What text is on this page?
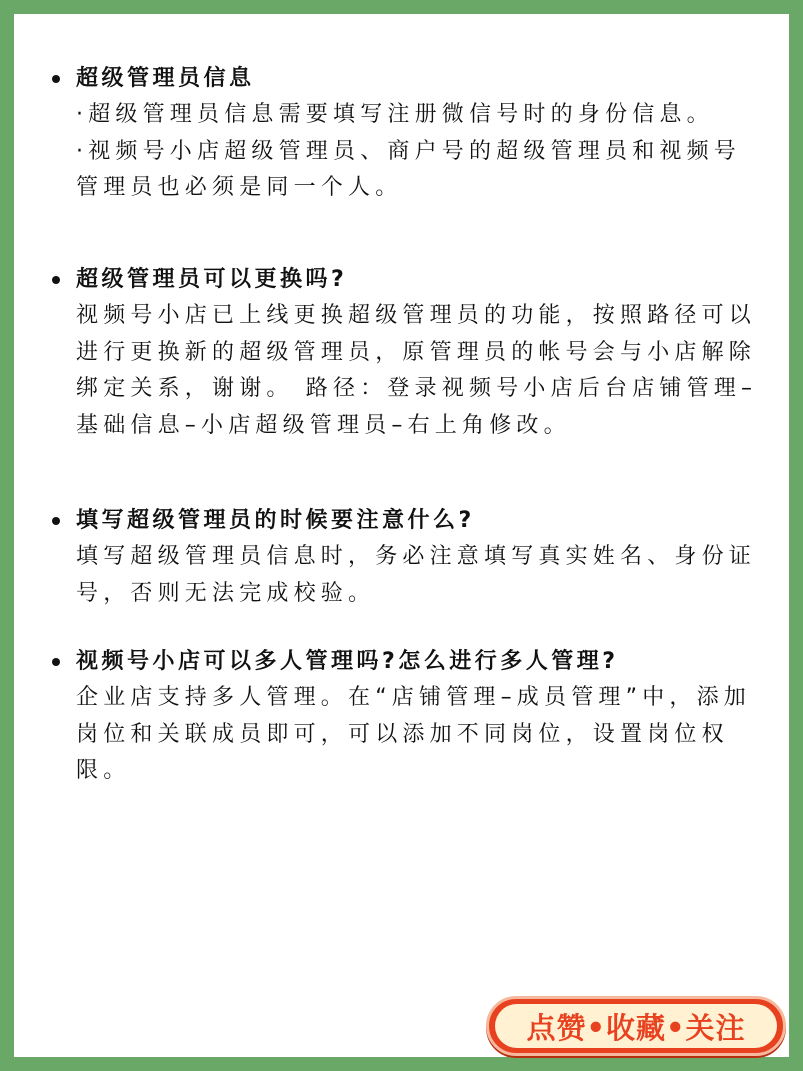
超级管理员信息

·超级管理员信息需要填写注册微信号时的身份信息。

·视频号小店超级管理员、商户号的超级管理员和视频号管理员也必须是同一个人。

超级管理员可以更换吗?

视频号小店已上线更换超级管理员的功能，按照路径可以进行更换新的超级管理员，原管理员的帐号会与小店解除绑定关系，谢谢。 路径：登录视频号小店后台店铺管理–基础信息–小店超级管理员–右上角修改。

填写超级管理员的时候要注意什么?

填写超级管理员信息时，务必注意填写真实姓名、身份证号，否则无法完成校验。

视频号小店可以多人管理吗?怎么进行多人管理?

企业店支持多人管理。在“店铺管理–成员管理”中，添加岗位和关联成员即可，可以添加不同岗位，设置岗位权限。

点赞•收藏•关注
